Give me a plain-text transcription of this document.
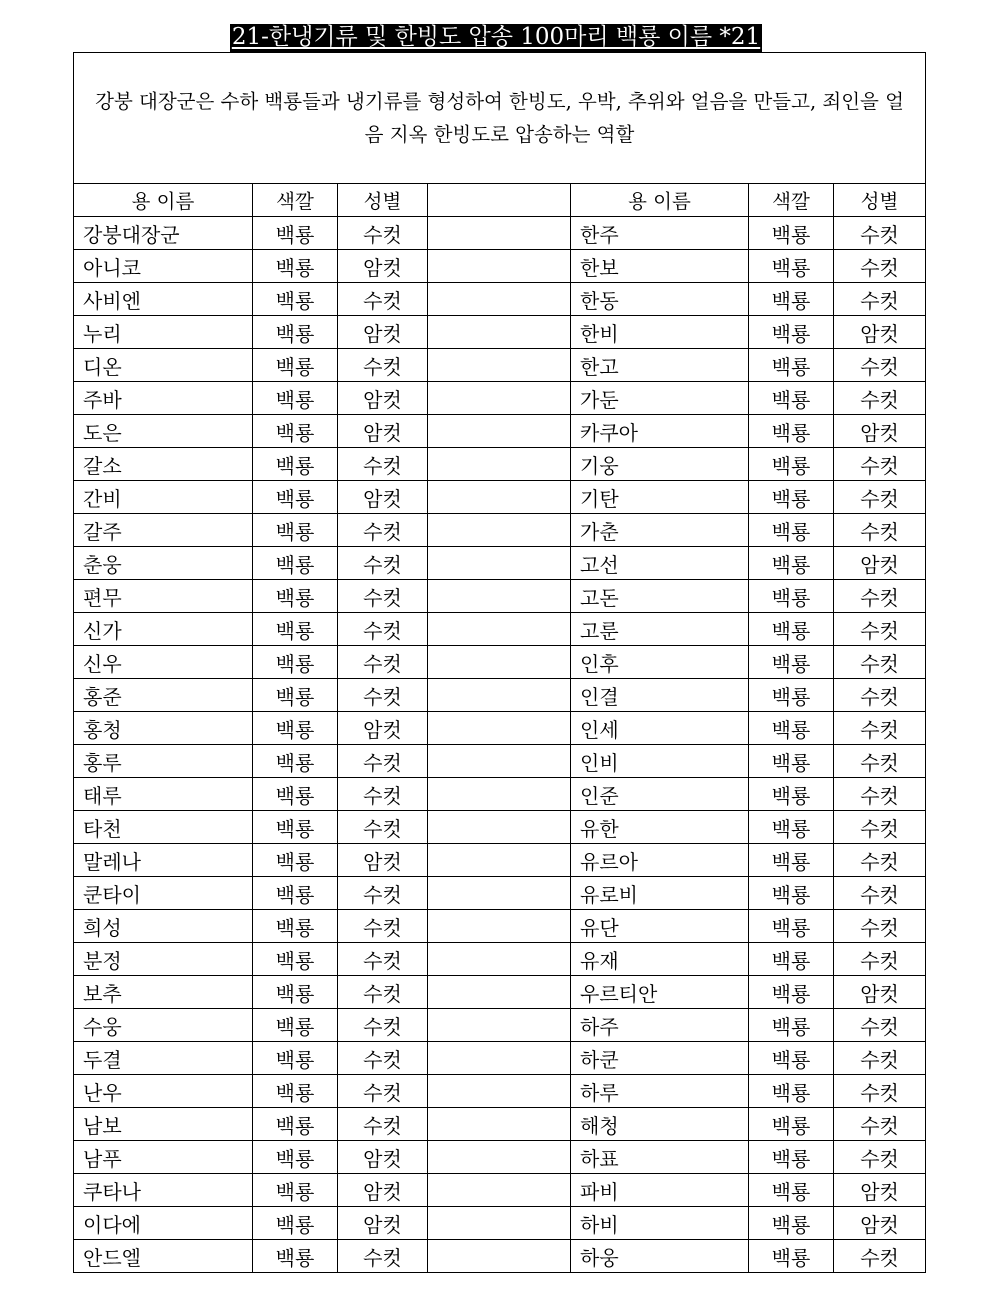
21-한냉기류 및 한빙도 압송 100마리 백룡 이름 *21
강붕 대장군은 수하 백룡들과 냉기류를 형성하여 한빙도, 우박, 추위와 얼음을 만들고, 죄인을 얼음 지옥 한빙도로 압송하는 역할						
용 이름	색깔	성별		용 이름	색깔	성별
강붕대장군	백룡	수컷		한주	백룡	수컷
아니코	백룡	암컷		한보	백룡	수컷
사비엔	백룡	수컷		한동	백룡	수컷
누리	백룡	암컷		한비	백룡	암컷
디온	백룡	수컷		한고	백룡	수컷
주바	백룡	암컷		가둔	백룡	수컷
도은	백룡	암컷		카쿠아	백룡	암컷
갈소	백룡	수컷		기웅	백룡	수컷
간비	백룡	암컷		기탄	백룡	수컷
갈주	백룡	수컷		가춘	백룡	수컷
춘웅	백룡	수컷		고선	백룡	암컷
편무	백룡	수컷		고돈	백룡	수컷
신가	백룡	수컷		고룬	백룡	수컷
신우	백룡	수컷		인후	백룡	수컷
홍준	백룡	수컷		인결	백룡	수컷
홍청	백룡	암컷		인세	백룡	수컷
홍루	백룡	수컷		인비	백룡	수컷
태루	백룡	수컷		인준	백룡	수컷
타천	백룡	수컷		유한	백룡	수컷
말레나	백룡	암컷		유르아	백룡	수컷
쿤타이	백룡	수컷		유로비	백룡	수컷
희성	백룡	수컷		유단	백룡	수컷
분정	백룡	수컷		유재	백룡	수컷
보추	백룡	수컷		우르티안	백룡	암컷
수웅	백룡	수컷		하주	백룡	수컷
두결	백룡	수컷		하쿤	백룡	수컷
난우	백룡	수컷		하루	백룡	수컷
남보	백룡	수컷		해청	백룡	수컷
남푸	백룡	암컷		하표	백룡	수컷
쿠타나	백룡	암컷		파비	백룡	암컷
이다에	백룡	암컷		하비	백룡	암컷
안드엘	백룡	수컷		하웅	백룡	수컷
